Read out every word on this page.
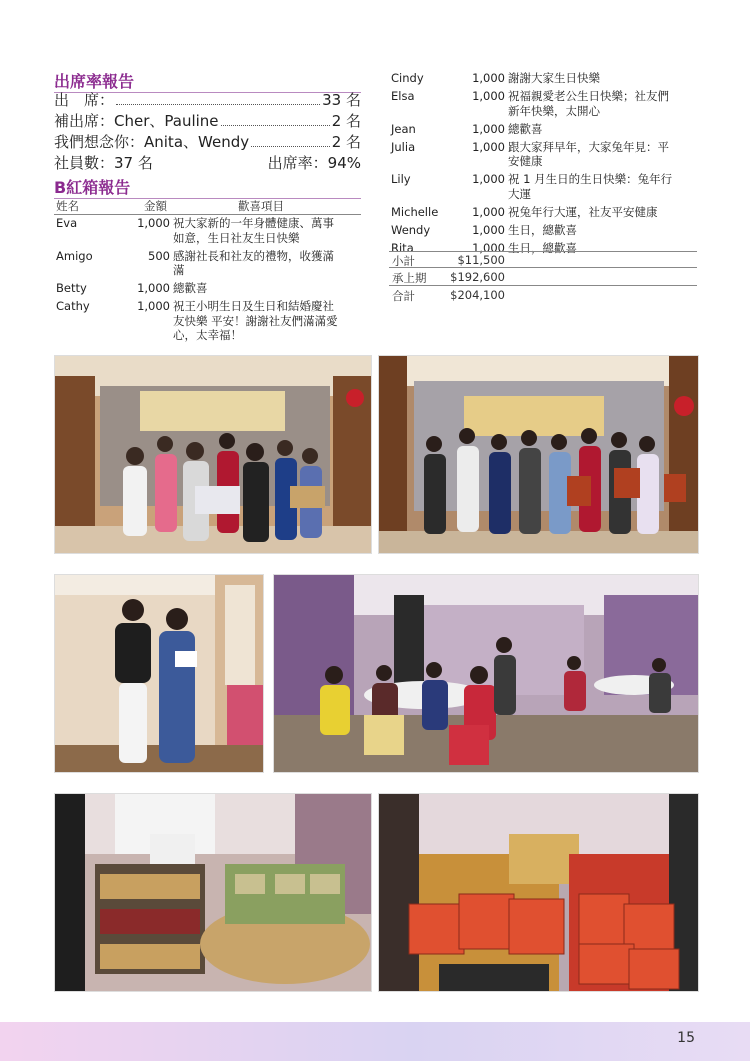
出席率報告
出　席：	33 名
補出席：Cher、Pauline	2 名
我們想念你：Anita、Wendy	2 名
社員數：37 名	出席率：94%
B紅箱報告
姓名	金額	歡喜項目
Eva	1,000 祝大家新的一年身體健康、萬事
如意，生日社友生日快樂
Amigo	500 感謝社長和社友的禮物，收獲滿
滿
Betty	1,000 總歡喜
Cathy	1,000 祝王小明生日及生日和結婚慶社
友快樂 平安！謝謝社友們滿滿愛
心，太幸福！
Cindy	1,000 謝謝大家生日快樂
Elsa	1,000 祝福親愛老公生日快樂；社友們
新年快樂，太開心
Jean	1,000 總歡喜
Julia	1,000 跟大家拜早年，大家兔年見：平
安健康
Lily	1,000 祝 1 月生日的生日快樂：兔年行
大運
Michelle	1,000 祝兔年行大運，社友平安健康
Wendy	1,000 生日，總歡喜
Rita	1,000 生日，總歡喜
小計	$11,500
承上期	$192,600
合計	$204,100
15
